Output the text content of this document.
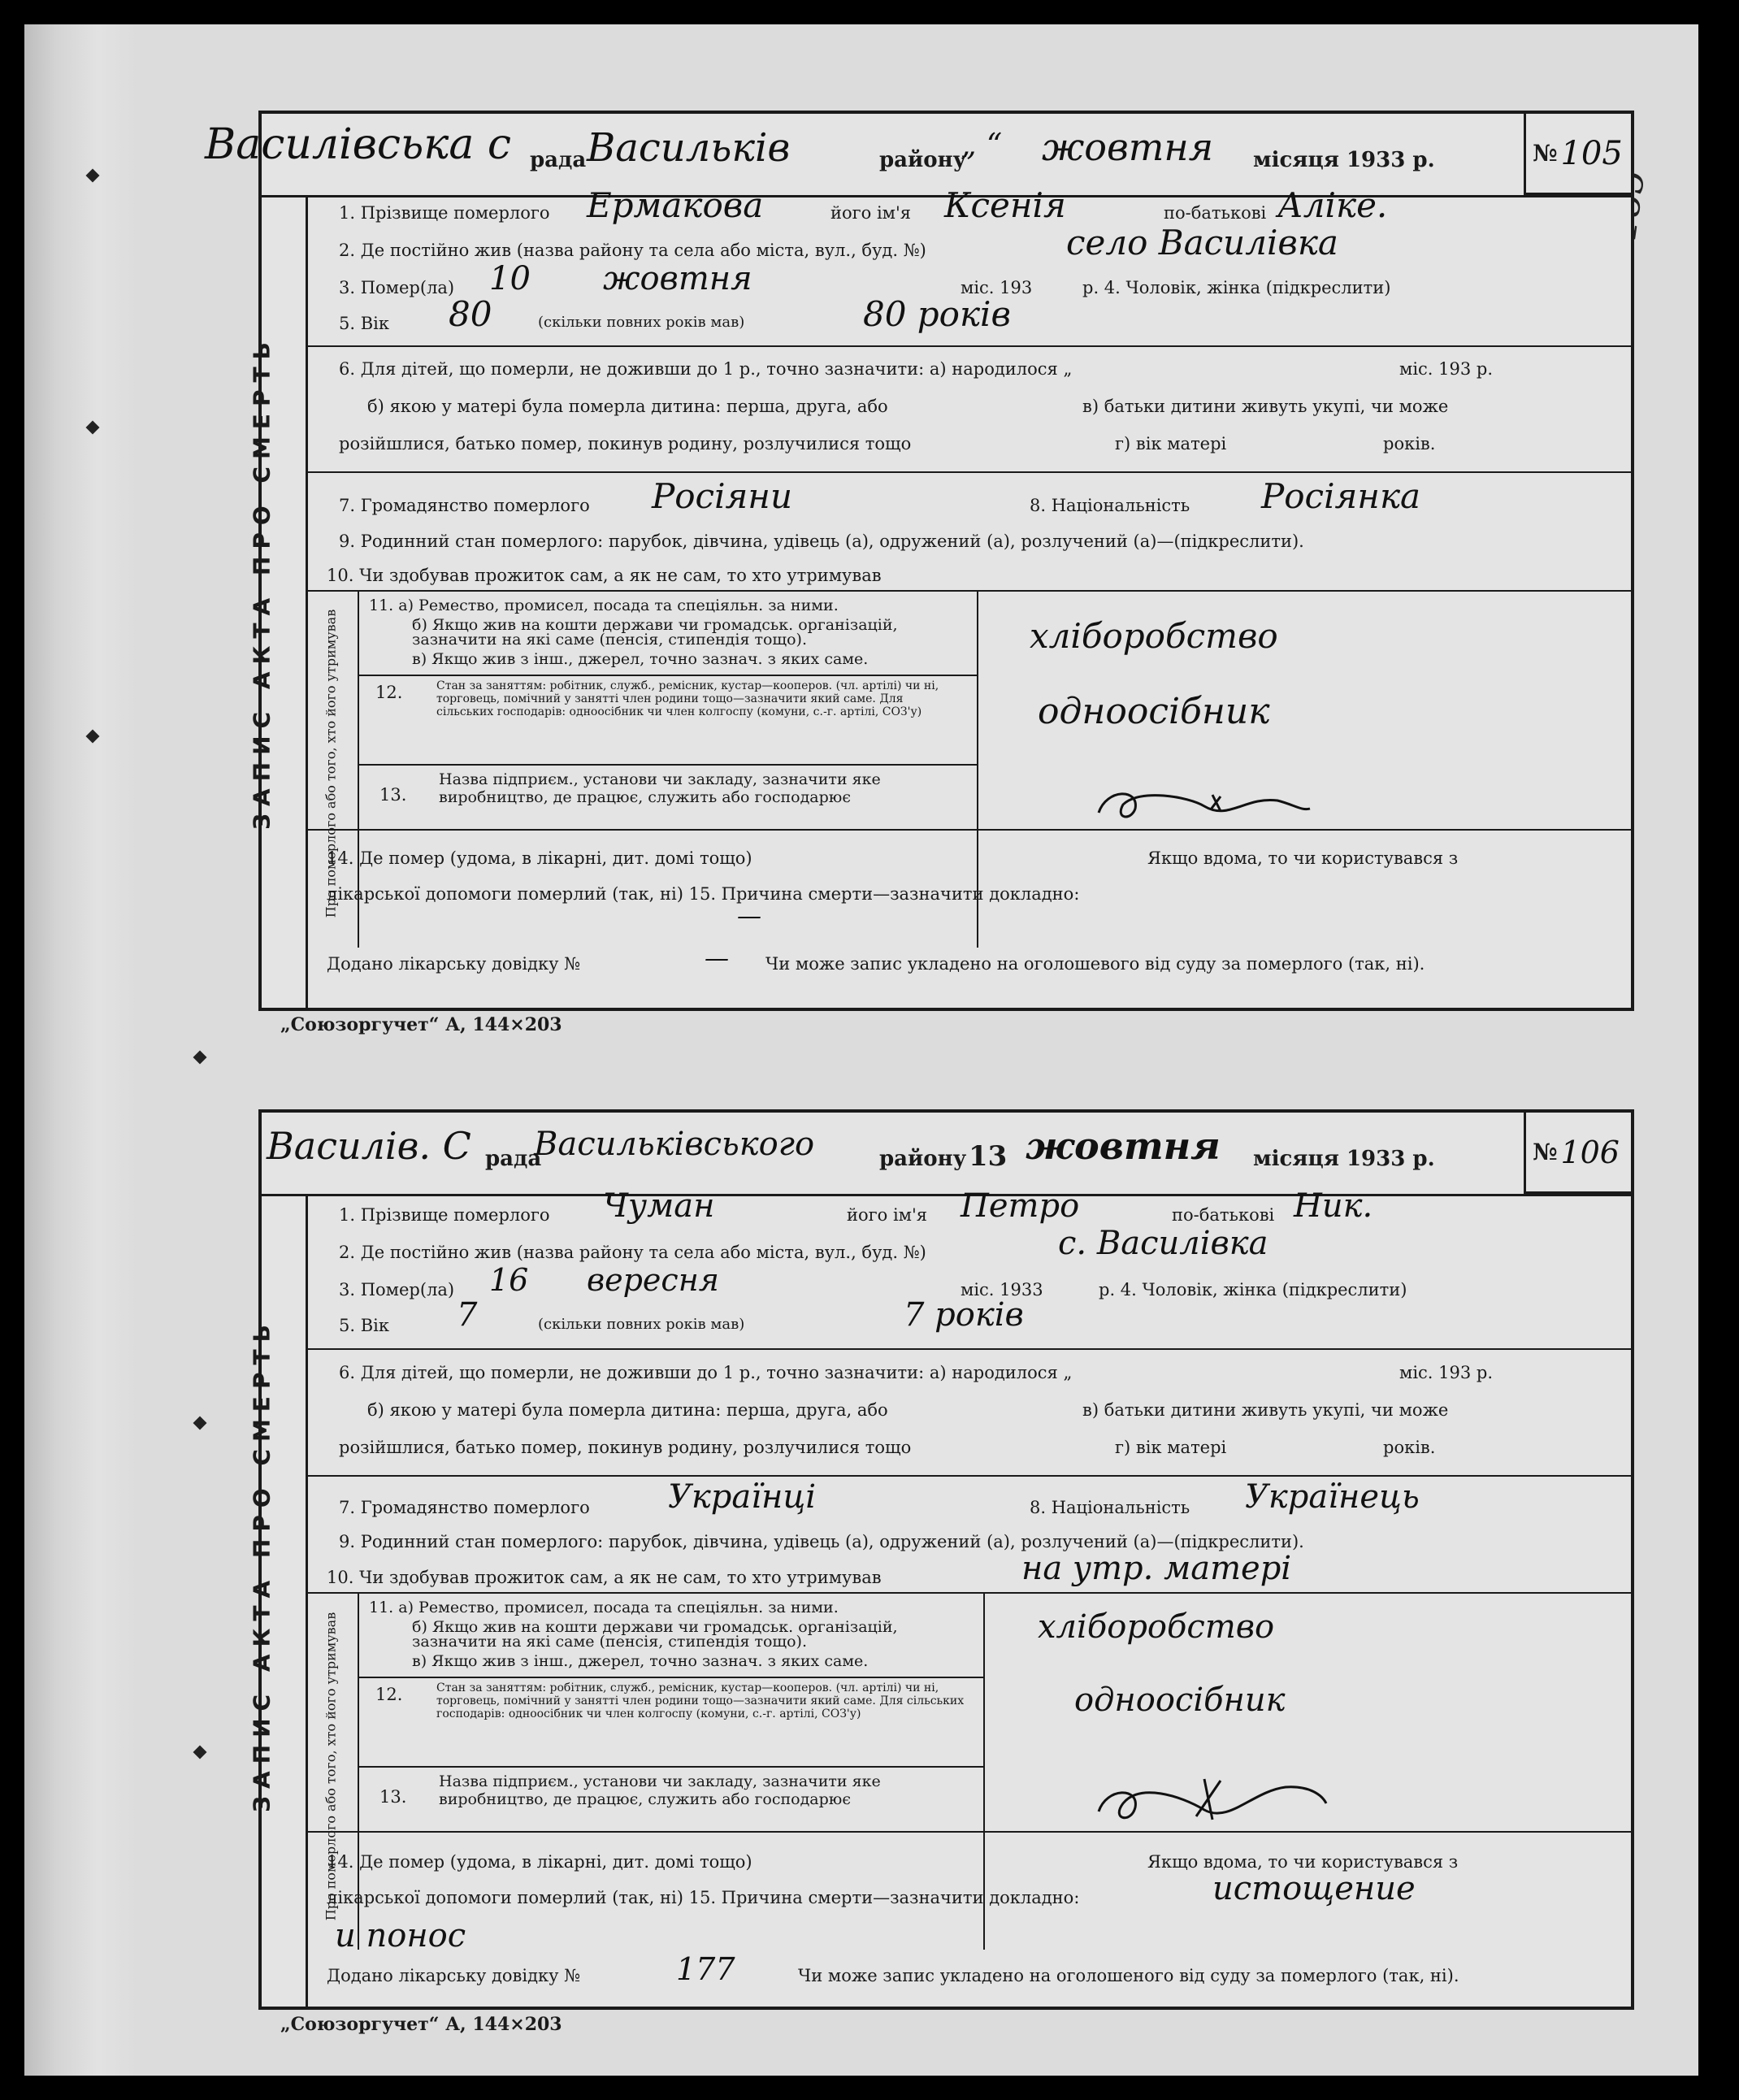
Василівська с рада Васильків	району
„ “ жовтня місяця 1933 р.	№ 105
ЗАПИС АКТА ПРО СМЕРТЬ
1. Прізвище померлого Ермакова	його ім'я Ксенія	по-батькові Аліке.
2. Де постійно жив (назва району та села або міста, вул., буд. №)	село Василівка
3. Помер(ла) 10 жовтня	міс. 193	р. 4. Чоловік, жінка (підкреслити)
5. Вік 80	(скільки повних років мав)	80 років
6. Для дітей, що померли, не доживши до 1 р., точно зазначити: а) народилося „	міс. 193 р.
б) якою у матері була померла дитина: перша, друга, або	в) батьки дитини живуть укупі, чи може
розійшлися, батько помер, покинув родину, розлучилися тощо	г) вік матері	років.
7. Громадянство померлого Росіяни	8. Національність Росіянка
9. Родинний стан померлого: парубок, дівчина, удівець (а), одружений (а), розлучений (а)—(підкреслити).
10. Чи здобував прожиток сам, а як не сам, то хто утримував
Про померлого або того, хто його утримував
11. а) Ремество, промисел, посада та спеціяльн. за ними.
б) Якщо жив на кошти держави чи громадськ. організацій, зазначити на які саме (пенсія, стипендія тощо).
в) Якщо жив з інш., джерел, точно зазнач. з яких саме.
хліборобство
12.	Стан за заняттям: робітник, служб., ремісник, кустар—кооперов. (чл. артілі) чи ні, торговець, помічний у занятті член родини тощо—зазначити який саме. Для сільських господарів: одноосібник чи член колгоспу (комуни, с.-г. артілі, СОЗ'у)	одноосібник
13.
Назва підприєм., установи чи закладу, зазначити яке виробництво, де працює, служить або господарює
14. Де помер (удома, в лікарні, дит. домі тощо)	Якщо вдома, то чи користувався з
лікарської допомоги померлий (так, ні) 15. Причина смерти—зазначити докладно:
—
Додано лікарську довідку №	— Чи може запис укладено на оголошевого від суду за померлого (так, ні).
„Союзоргучет“ А, 144×203
Василів. С рада
Васильківського	району 13 жовтня місяця 1933 р.	№ 106
ЗАПИС АКТА ПРО СМЕРТЬ
1. Прізвище померлого Чуман	його ім'я Петро	по-батькові Ник.
2. Де постійно жив (назва району та села або міста, вул., буд. №)	с. Василівка
3. Помер(ла) 16 вересня	міс. 1933	р. 4. Чоловік, жінка (підкреслити)
5. Вік 7	(скільки повних років мав)	7 років
6. Для дітей, що померли, не доживши до 1 р., точно зазначити: а) народилося „	міс. 193 р.
б) якою у матері була померла дитина: перша, друга, або	в) батьки дитини живуть укупі, чи може
розійшлися, батько помер, покинув родину, розлучилися тощо	г) вік матері	років.
7. Громадянство померлого Українці	8. Національність Українець
9. Родинний стан померлого: парубок, дівчина, удівець (а), одружений (а), розлучений (а)—(підкреслити).
10. Чи здобував прожиток сам, а як не сам, то хто утримував	на утр. матері
Про померлого або того, хто його утримував
11. а) Ремество, промисел, посада та спеціяльн. за ними.
б) Якщо жив на кошти держави чи громадськ. організацій, зазначити на які саме (пенсія, стипендія тощо).
в) Якщо жив з інш., джерел, точно зазнач. з яких саме.
хліборобство
12.	Стан за заняттям: робітник, служб., ремісник, кустар—кооперов. (чл. артілі) чи ні, торговець, помічний у занятті член родини тощо—зазначити який саме. Для сільських господарів: одноосібник чи член колгоспу (комуни, с.-г. артілі, СОЗ'у)	одноосібник
13.
Назва підприєм., установи чи закладу, зазначити яке виробництво, де працює, служить або господарює
14. Де помер (удома, в лікарні, дит. домі тощо)	Якщо вдома, то чи користувався з
лікарської допомоги померлий (так, ні) 15. Причина смерти—зазначити докладно:	истощение
и понос
Додано лікарську довідку №	177	Чи може запис укладено на оголошеного від суду за померлого (так, ні).
„Союзоргучет“ А, 144×203
